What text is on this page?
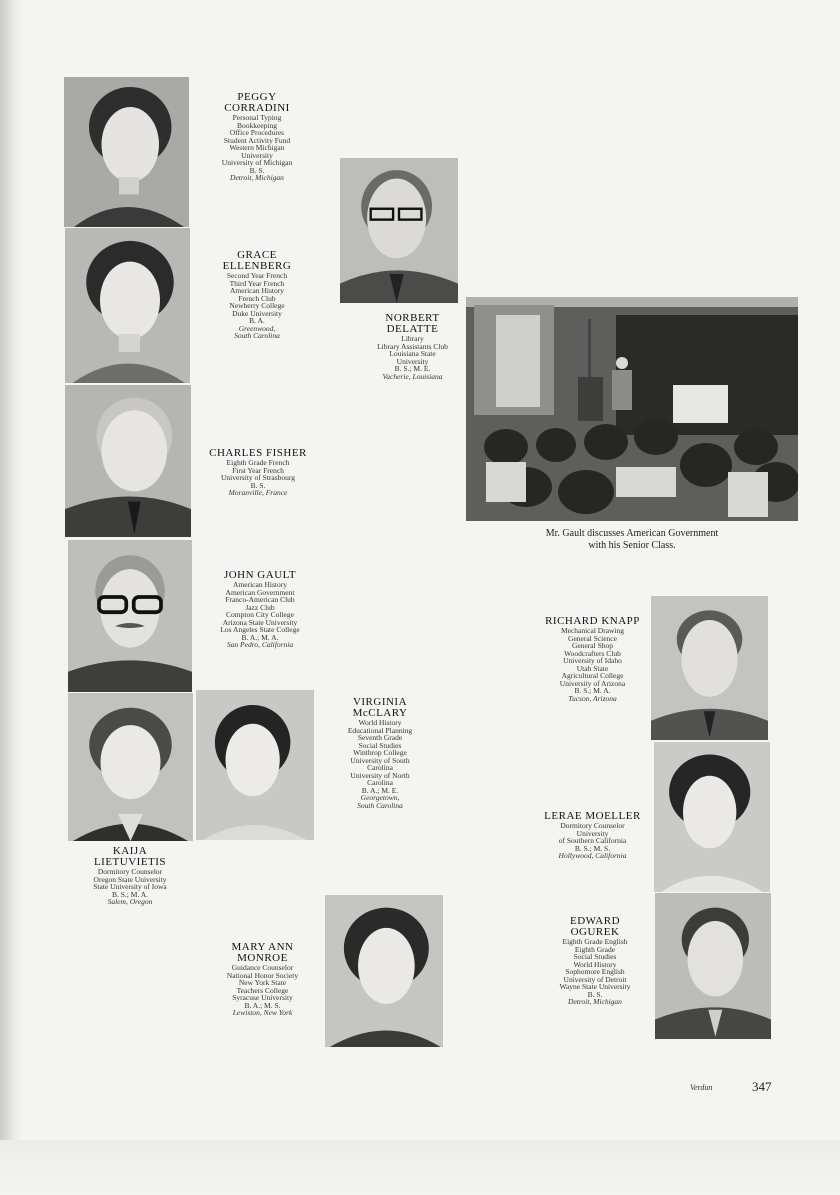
PEGGY
CORRADINI
Personal Typing
Bookkeeping
Office Procedures
Student Activity Fund
Western Michigan
University
University of Michigan
B. S.
Detroit, Michigan
GRACE
ELLENBERG
Second Year French
Third Year French
American History
French Club
Newberry College
Duke University
B. A.
Greenwood,
South Carolina
NORBERT
DELATTE
Library
Library Assistants Club
Louisiana State
University
B. S.; M. E.
Vacherie, Louisiana
CHARLES FISHER
Eighth Grade French
First Year French
University of Strasbourg
B. S.
Moranville, France
JOHN GAULT
American History
American Government
Franco-American Club
Jazz Club
Compton City College
Arizona State University
Los Angeles State College
B. A.; M. A.
San Pedro, California
RICHARD KNAPP
Mechanical Drawing
General Science
General Shop
Woodcrafters Club
University of Idaho
Utah State
Agricultural College
University of Arizona
B. S.; M. A.
Tucson, Arizona
VIRGINIA
McCLARY
World History
Educational Planning
Seventh Grade
Social Studies
Winthrop College
University of South
Carolina
University of North
Carolina
B. A.; M. E.
Georgetown,
South Carolina
KAIJA
LIETUVIETIS
Dormitory Counselor
Oregon State University
State University of Iowa
B. S.; M. A.
Salem, Oregon
LERAE MOELLER
Dormitory Counselor
University
of Southern California
B. S.; M. S.
Hollywood, California
EDWARD
OGUREK
Eighth Grade English
Eighth Grade
Social Studies
World History
Sophomore English
University of Detroit
Wayne State University
B. S.
Detroit, Michigan
MARY ANN
MONROE
Guidance Counselor
National Honor Society
New York State
Teachers College
Syracuse University
B. A.; M. S.
Lewiston, New York
Mr. Gault discusses American Government
with his Senior Class.
Verdun	347
